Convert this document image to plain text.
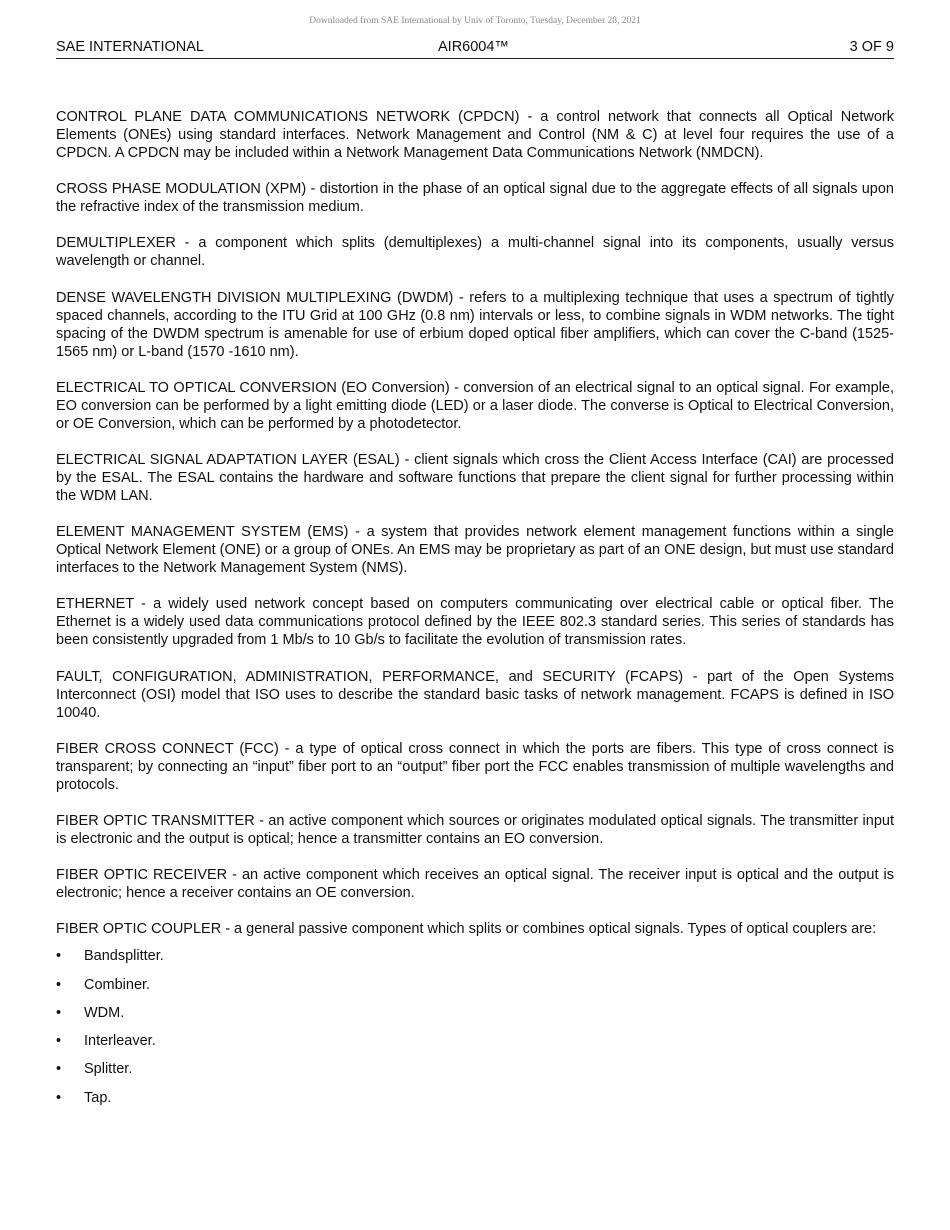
Downloaded from SAE International by Univ of Toronto, Tuesday, December 28, 2021
SAE INTERNATIONAL	AIR6004™	3 OF 9

CONTROL PLANE DATA COMMUNICATIONS NETWORK (CPDCN) - a control network that connects all Optical Network Elements (ONEs) using standard interfaces. Network Management and Control (NM & C) at level four requires the use of a CPDCN. A CPDCN may be included within a Network Management Data Communications Network (NMDCN).

CROSS PHASE MODULATION (XPM) - distortion in the phase of an optical signal due to the aggregate effects of all signals upon the refractive index of the transmission medium.

DEMULTIPLEXER - a component which splits (demultiplexes) a multi-channel signal into its components, usually versus wavelength or channel.

DENSE WAVELENGTH DIVISION MULTIPLEXING (DWDM) - refers to a multiplexing technique that uses a spectrum of tightly spaced channels, according to the ITU Grid at 100 GHz (0.8 nm) intervals or less, to combine signals in WDM networks. The tight spacing of the DWDM spectrum is amenable for use of erbium doped optical fiber amplifiers, which can cover the C-band (1525-1565 nm) or L-band (1570 -1610 nm).

ELECTRICAL TO OPTICAL CONVERSION (EO Conversion) - conversion of an electrical signal to an optical signal. For example, EO conversion can be performed by a light emitting diode (LED) or a laser diode. The converse is Optical to Electrical Conversion, or OE Conversion, which can be performed by a photodetector.

ELECTRICAL SIGNAL ADAPTATION LAYER (ESAL) - client signals which cross the Client Access Interface (CAI) are processed by the ESAL. The ESAL contains the hardware and software functions that prepare the client signal for further processing within the WDM LAN.

ELEMENT MANAGEMENT SYSTEM (EMS) - a system that provides network element management functions within a single Optical Network Element (ONE) or a group of ONEs. An EMS may be proprietary as part of an ONE design, but must use standard interfaces to the Network Management System (NMS).

ETHERNET - a widely used network concept based on computers communicating over electrical cable or optical fiber. The Ethernet is a widely used data communications protocol defined by the IEEE 802.3 standard series. This series of standards has been consistently upgraded from 1 Mb/s to 10 Gb/s to facilitate the evolution of transmission rates.

FAULT, CONFIGURATION, ADMINISTRATION, PERFORMANCE, and SECURITY (FCAPS) - part of the Open Systems Interconnect (OSI) model that ISO uses to describe the standard basic tasks of network management. FCAPS is defined in ISO 10040.

FIBER CROSS CONNECT (FCC) - a type of optical cross connect in which the ports are fibers. This type of cross connect is transparent; by connecting an “input” fiber port to an “output” fiber port the FCC enables transmission of multiple wavelengths and protocols.

FIBER OPTIC TRANSMITTER - an active component which sources or originates modulated optical signals. The transmitter input is electronic and the output is optical; hence a transmitter contains an EO conversion.

FIBER OPTIC RECEIVER - an active component which receives an optical signal. The receiver input is optical and the output is electronic; hence a receiver contains an OE conversion.

FIBER OPTIC COUPLER - a general passive component which splits or combines optical signals. Types of optical couplers are:

• Bandsplitter.
• Combiner.
• WDM.
• Interleaver.
• Splitter.
• Tap.
